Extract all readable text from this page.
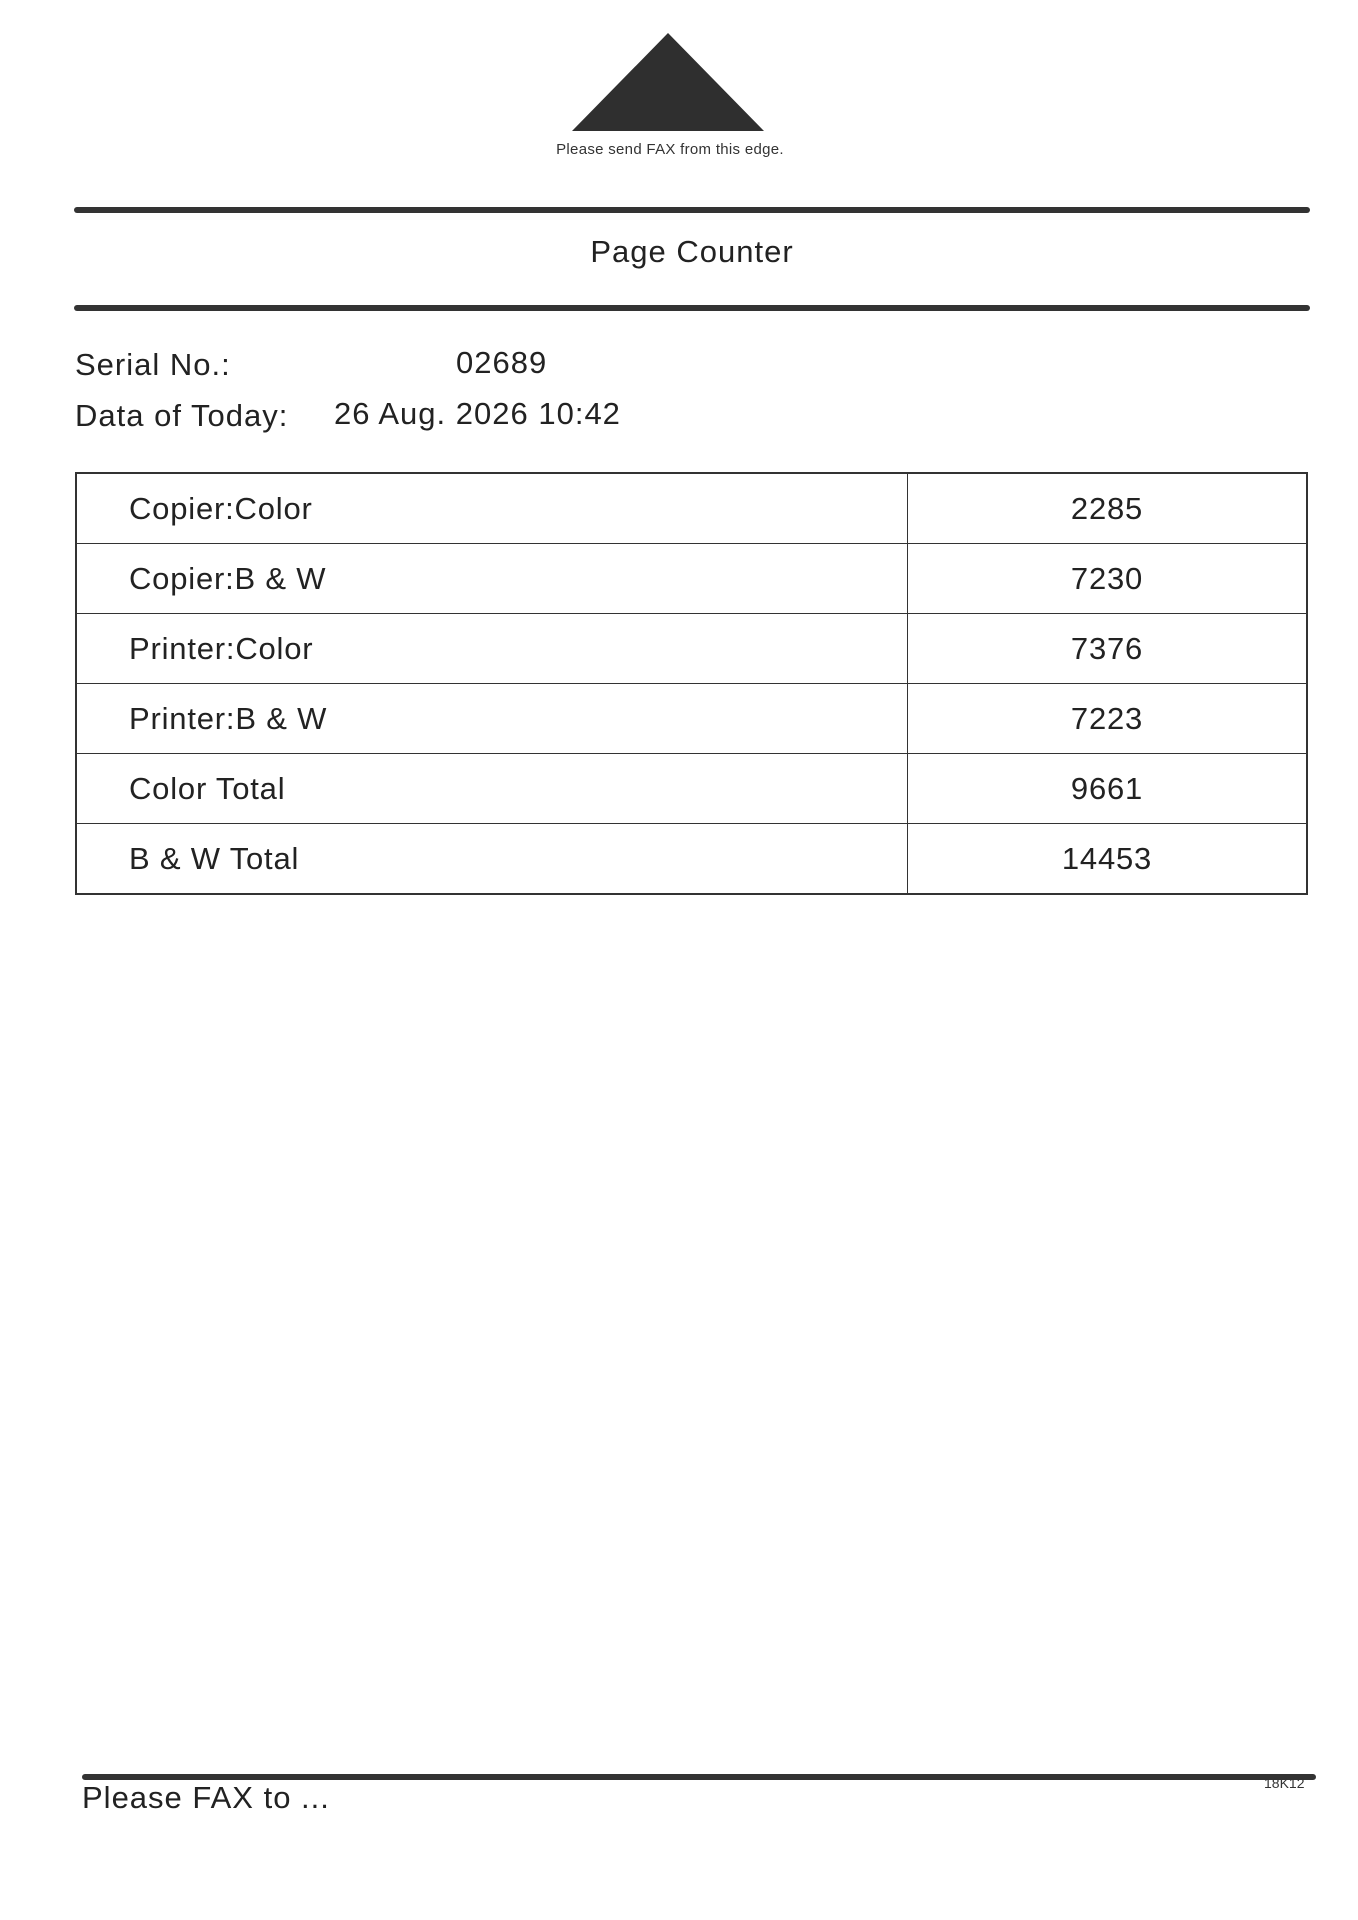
Please send FAX from this edge.
Page Counter
Serial No.:	02689
Data of Today: 26 Aug. 2026 10:42
Copier:Color	2285
Copier:B & W	7230
Printer:Color	7376
Printer:B & W	7223
Color Total	9661
B & W Total	14453
Please FAX to ...	18K12
